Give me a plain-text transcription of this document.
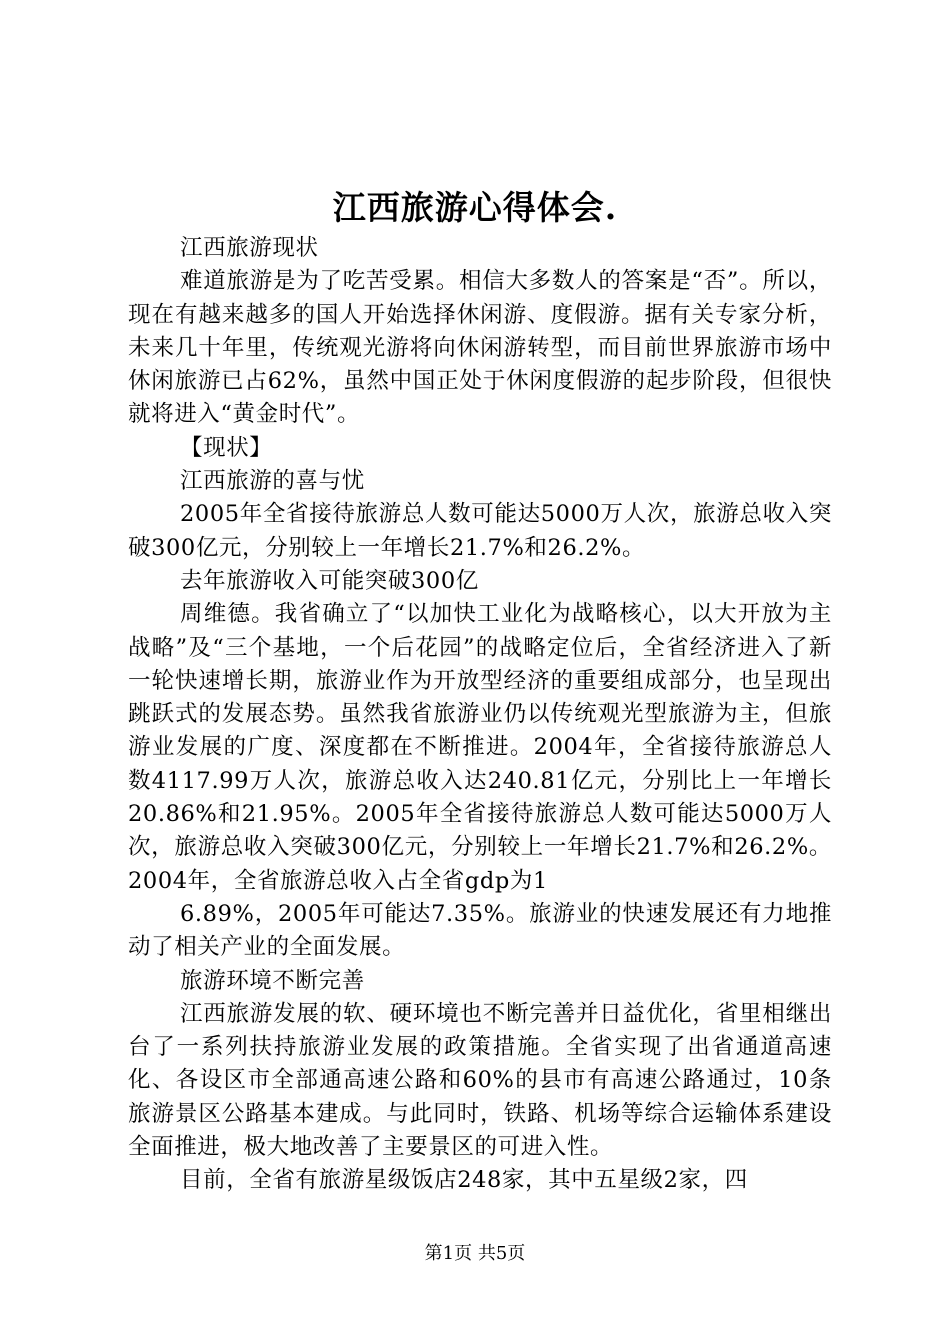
江西旅游心得体会.

江西旅游现状

难道旅游是为了吃苦受累。相信大多数人的答案是“否”。所以，现在有越来越多的国人开始选择休闲游、度假游。据有关专家分析，未来几十年里，传统观光游将向休闲游转型，而目前世界旅游市场中休闲旅游已占62%，虽然中国正处于休闲度假游的起步阶段，但很快就将进入“黄金时代”。

【现状】

江西旅游的喜与忧

2005年全省接待旅游总人数可能达5000万人次，旅游总收入突破300亿元，分别较上一年增长21.7%和26.2%。

去年旅游收入可能突破300亿

周维德。我省确立了“以加快工业化为战略核心，以大开放为主战略”及“三个基地，一个后花园”的战略定位后，全省经济进入了新一轮快速增长期，旅游业作为开放型经济的重要组成部分，也呈现出跳跃式的发展态势。虽然我省旅游业仍以传统观光型旅游为主，但旅游业发展的广度、深度都在不断推进。2004年，全省接待旅游总人数4117.99万人次，旅游总收入达240.81亿元，分别比上一年增长20.86%和21.95%。2005年全省接待旅游总人数可能达5000万人次，旅游总收入突破300亿元，分别较上一年增长21.7%和26.2%。2004年，全省旅游总收入占全省gdp为1

6.89%，2005年可能达7.35%。旅游业的快速发展还有力地推动了相关产业的全面发展。

旅游环境不断完善

江西旅游发展的软、硬环境也不断完善并日益优化，省里相继出台了一系列扶持旅游业发展的政策措施。全省实现了出省通道高速化、各设区市全部通高速公路和60%的县市有高速公路通过，10条旅游景区公路基本建成。与此同时，铁路、机场等综合运输体系建设全面推进，极大地改善了主要景区的可进入性。

目前，全省有旅游星级饭店248家，其中五星级2家，四

第1页 共5页
